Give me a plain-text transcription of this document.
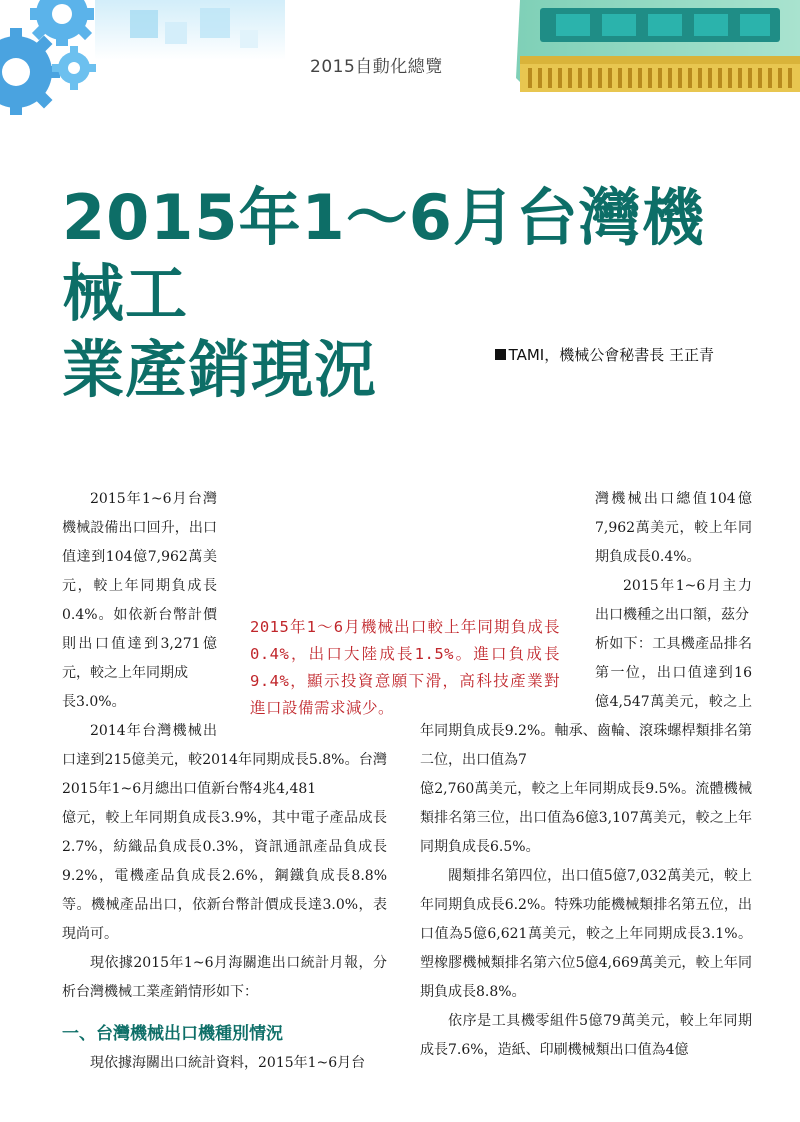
2015自動化總覽
2015年1～6月台灣機械工
業產銷現況	TAMI，機械公會秘書長 王正青

2015年1~6月台灣機械設備出口回升，出口值達到104億7,962萬美元，較上年同期負成長0.4%。如依新台幣計價則出口值達到3,271億元，較之上年同期成

長3.0%。

2014年台灣機械出口達到215億美元，較2014年同期成長5.8%。台灣2015年1~6月總出口值新台幣4兆4,481

億元，較上年同期負成長3.9%，其中電子產品成長2.7%，紡織品負成長0.3%，資訊通訊產品負成長9.2%，電機產品負成長2.6%，鋼鐵負成長8.8%等。機械產品出口，依新台幣計價成長達3.0%，表現尚可。

現依據2015年1~6月海關進出口統計月報，分析台灣機械工業產銷情形如下：

一、台灣機械出口機種別情況

現依據海關出口統計資料，2015年1~6月台

灣機械出口總值104億7,962萬美元，較上年同期負成長0.4%。

2015年1~6月主力出口機種之出口額，茲分

析如下：工具機產品排名第一位，出口值達到16億4,547萬美元，較之上年同期負成長9.2%。軸承、齒輪、滾珠螺桿類排名第二位，出口值為7

億2,760萬美元，較之上年同期成長9.5%。流體機械類排名第三位，出口值為6億3,107萬美元，較之上年同期負成長6.5%。

閥類排名第四位，出口值5億7,032萬美元，較上年同期負成長6.2%。特殊功能機械類排名第五位，出口值為5億6,621萬美元，較之上年同期成長3.1%。塑橡膠機械類排名第六位5億4,669萬美元，較上年同期負成長8.8%。

依序是工具機零組件5億79萬美元，較上年同期成長7.6%，造紙、印刷機械類出口值為4億

2015年1～6月機械出口較上年同期負成長0.4%，出口大陸成長1.5%。進口負成長9.4%，顯示投資意願下滑，高科技產業對進口設備需求減少。
